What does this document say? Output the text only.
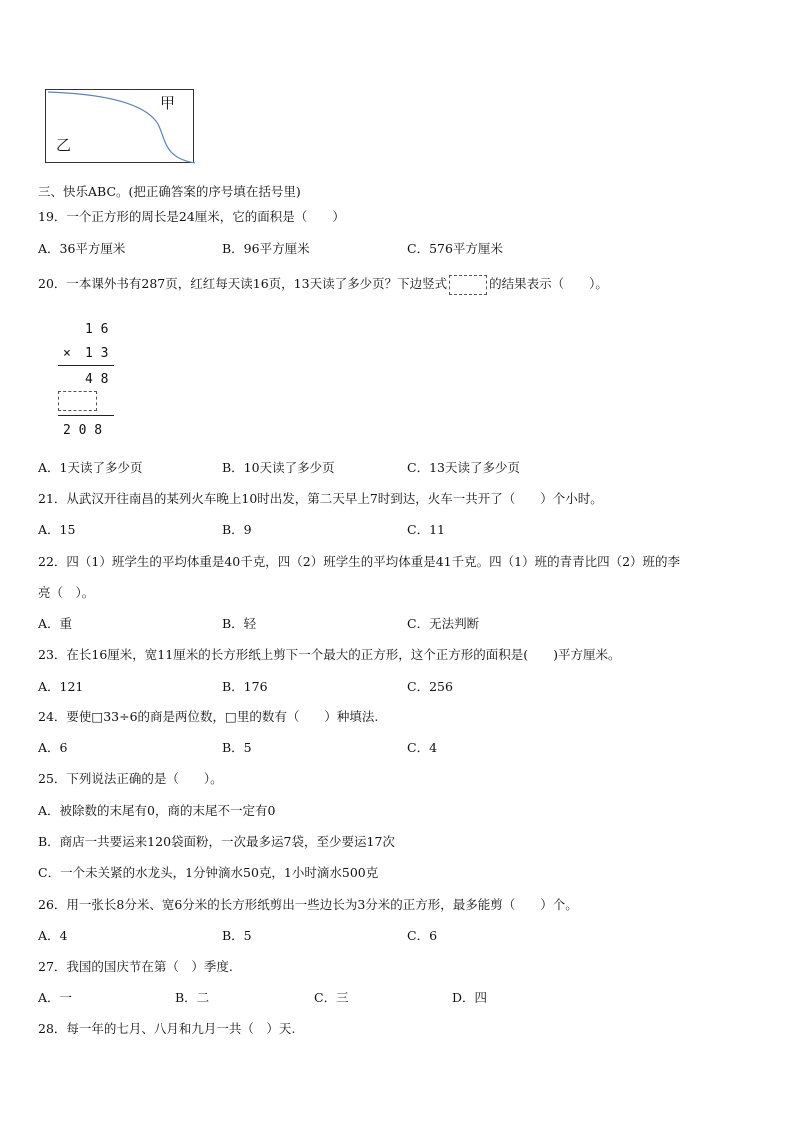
甲
乙
三、快乐ABC。(把正确答案的序号填在括号里)
19．一个正方形的周长是24厘米，它的面积是（　　）
A．36平方厘米	B．96平方厘米	C．576平方厘米
20．一本课外书有287页，红红每天读16页，13天读了多少页？下边竖式	的结果表示（　　）。
1 6
× 1 3
4 8
2 0 8
A．1天读了多少页	B．10天读了多少页	C．13天读了多少页
21．从武汉开往南昌的某列火车晚上10时出发，第二天早上7时到达，火车一共开了（　　）个小时。
A．15	B．9	C．11
22．四（1）班学生的平均体重是40千克，四（2）班学生的平均体重是41千克。四（1）班的青青比四（2）班的李
亮（　）。
A．重	B．轻	C．无法判断
23．在长16厘米，宽11厘米的长方形纸上剪下一个最大的正方形，这个正方形的面积是(　　)平方厘米。
A．121	B．176	C．256
24．要使□33÷6的商是两位数，□里的数有（　　）种填法.
A．6	B．5	C．4
25．下列说法正确的是（　　）。
A．被除数的末尾有0，商的末尾不一定有0
B．商店一共要运来120袋面粉，一次最多运7袋，至少要运17次
C．一个未关紧的水龙头，1分钟滴水50克，1小时滴水500克
26．用一张长8分米、宽6分米的长方形纸剪出一些边长为3分米的正方形，最多能剪（　　）个。
A．4	B．5	C．6
27．我国的国庆节在第（　）季度.
A．一	B．二	C．三	D．四
28．每一年的七月、八月和九月一共（　）天.
